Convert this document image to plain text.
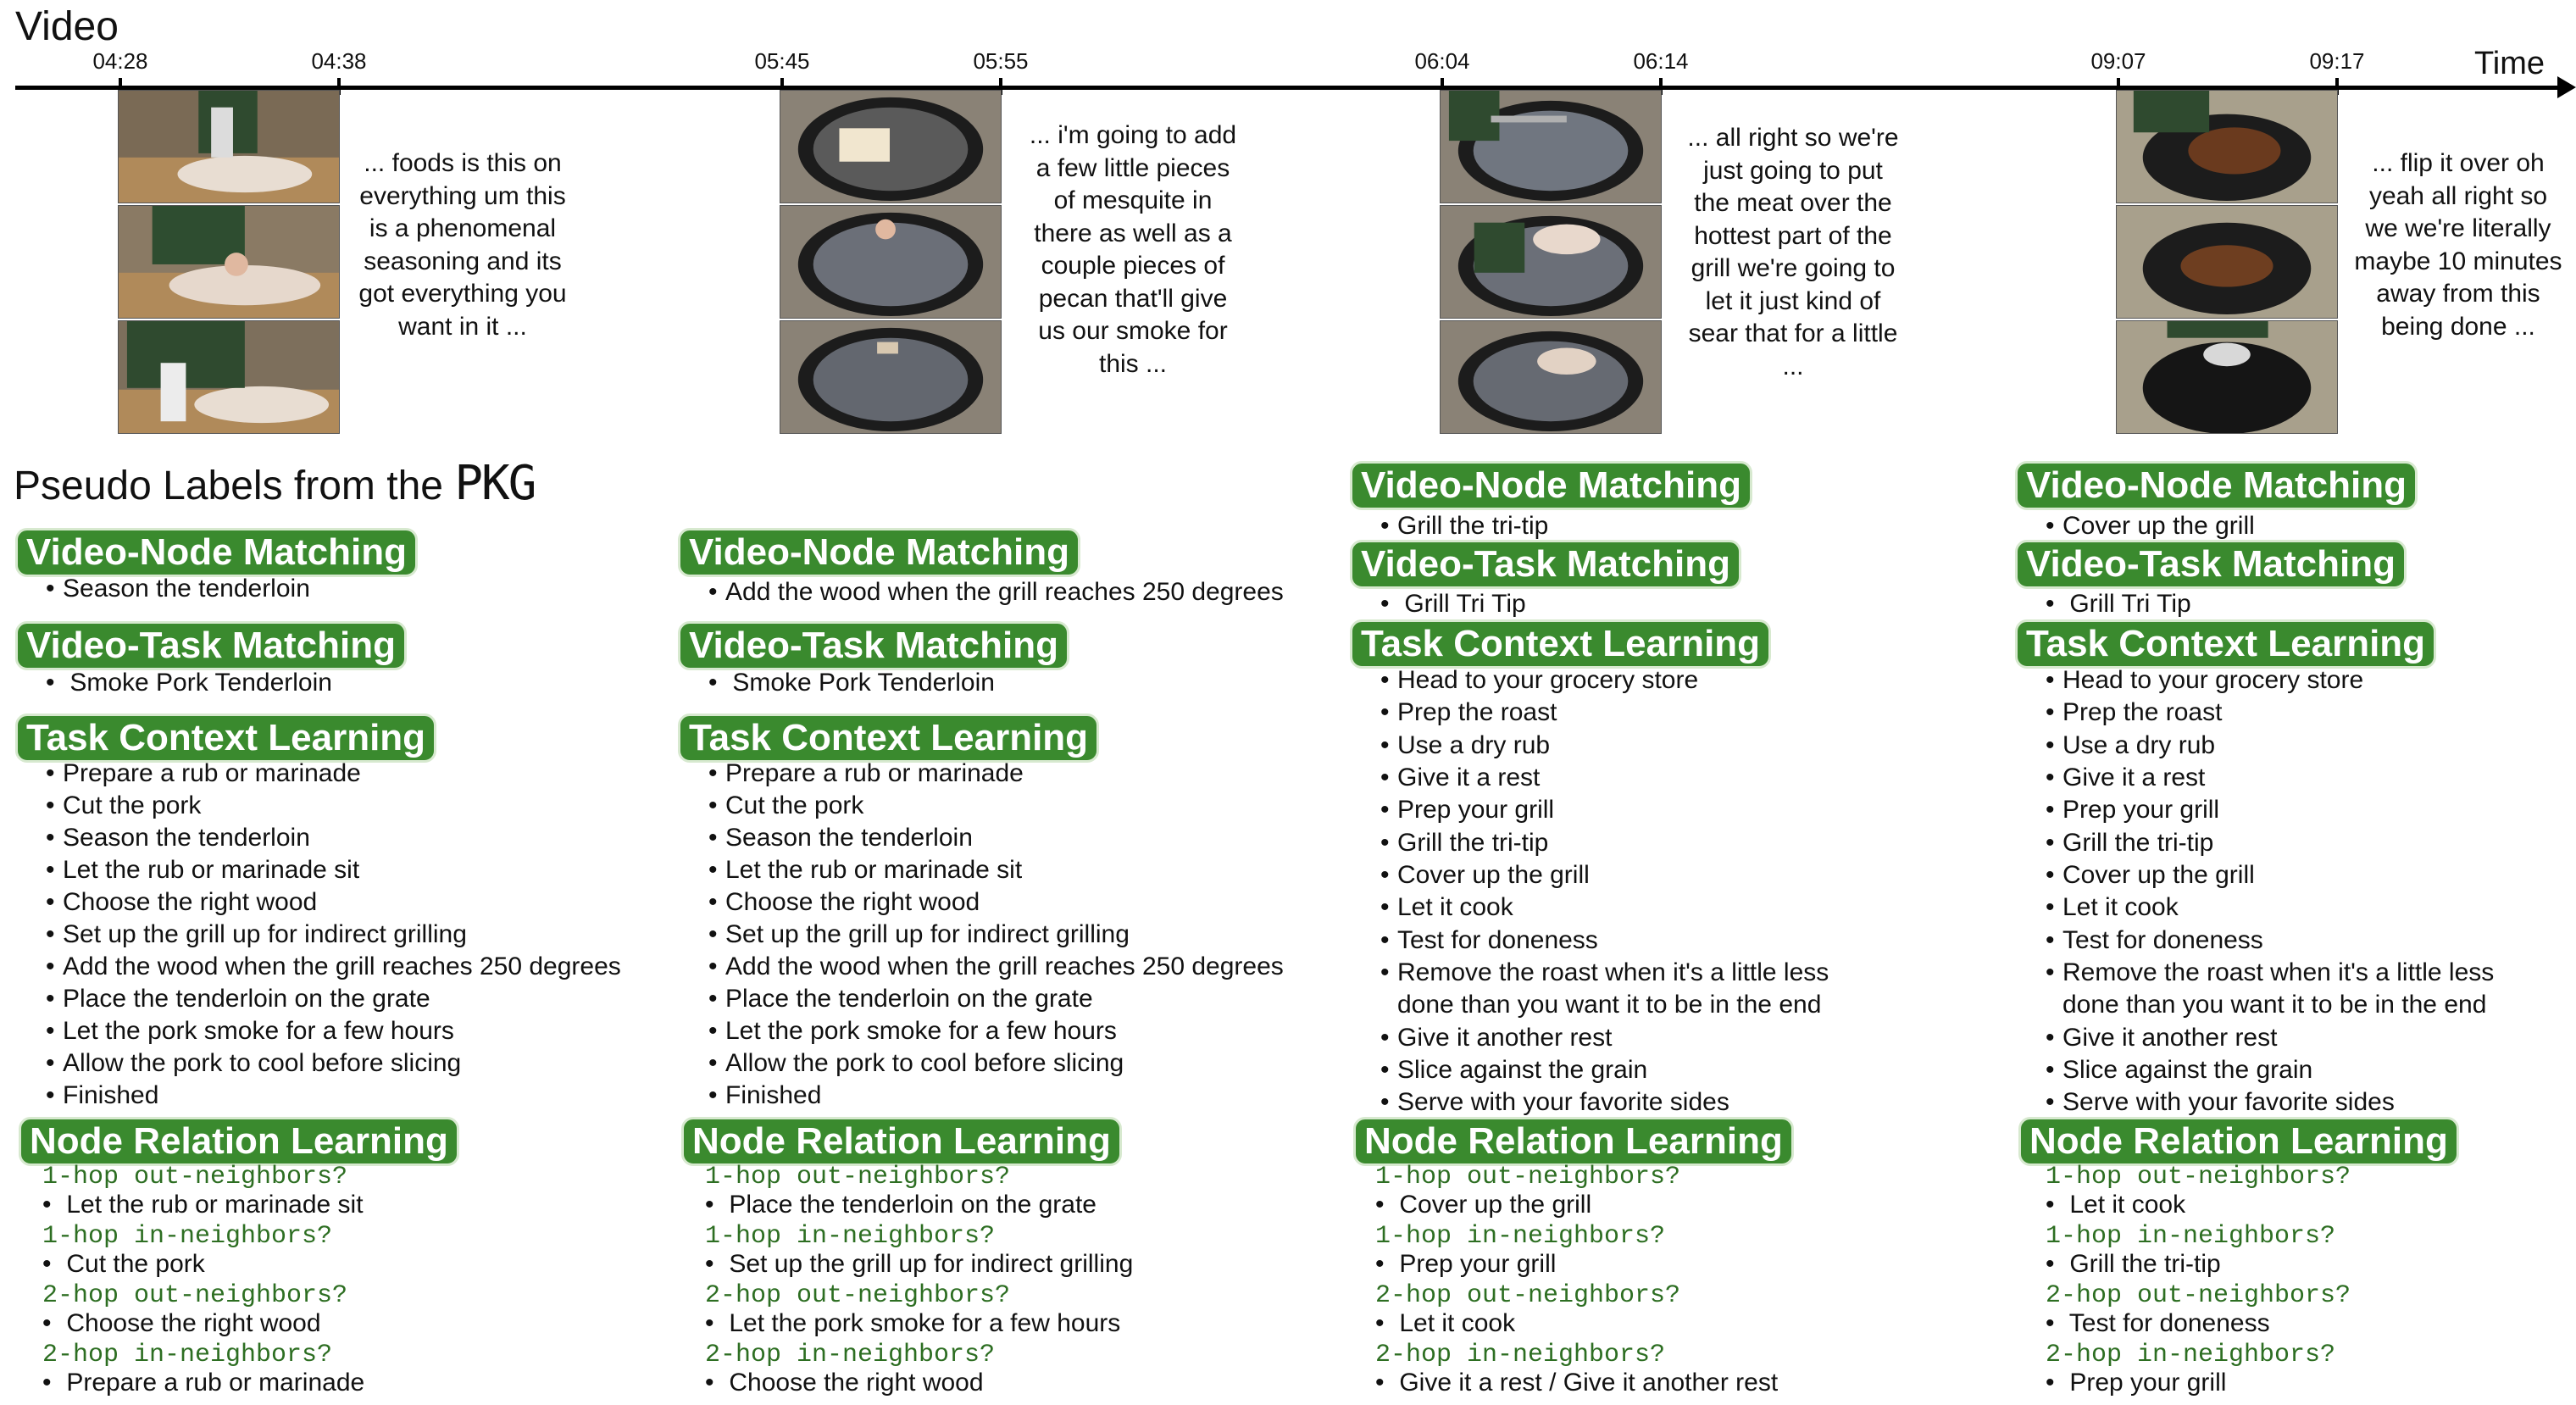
Video
Time
04:28	04:38
... foods is this on everything um this is a phenomenal seasoning and its got everything you want in it ...
05:45	05:55
... i'm going to add a few little pieces of mesquite in there as well as a couple pieces of pecan that'll give us our smoke for this ...
06:04	06:14
... all right so we're just going to put the meat over the hottest part of the grill we're going to let it just kind of sear that for a little ...
09:07	09:17
... flip it over oh yeah all right so we we're literally maybe 10 minutes away from this being done ...
Pseudo Labels from the PKG
Video-Node Matching
• Season the tenderloin
Video-Task Matching
• Smoke Pork Tenderloin
Task Context Learning
• Prepare a rub or marinade
• Cut the pork
• Season the tenderloin
• Let the rub or marinade sit
• Choose the right wood
• Set up the grill up for indirect grilling
• Add the wood when the grill reaches 250 degrees
• Place the tenderloin on the grate
• Let the pork smoke for a few hours
• Allow the pork to cool before slicing
• Finished
Node Relation Learning
1-hop out-neighbors?
• Let the rub or marinade sit
1-hop in-neighbors?
• Cut the pork
2-hop out-neighbors?
• Choose the right wood
2-hop in-neighbors?
• Prepare a rub or marinade
Video-Node Matching
• Add the wood when the grill reaches 250 degrees
Video-Task Matching
• Smoke Pork Tenderloin
Task Context Learning
• Prepare a rub or marinade
• Cut the pork
• Season the tenderloin
• Let the rub or marinade sit
• Choose the right wood
• Set up the grill up for indirect grilling
• Add the wood when the grill reaches 250 degrees
• Place the tenderloin on the grate
• Let the pork smoke for a few hours
• Allow the pork to cool before slicing
• Finished
Node Relation Learning
1-hop out-neighbors?
• Place the tenderloin on the grate
1-hop in-neighbors?
• Set up the grill up for indirect grilling
2-hop out-neighbors?
• Let the pork smoke for a few hours
2-hop in-neighbors?
• Choose the right wood
Video-Node Matching
• Grill the tri-tip
Video-Task Matching
• Grill Tri Tip
Task Context Learning
• Head to your grocery store
• Prep the roast
• Use a dry rub
• Give it a rest
• Prep your grill
• Grill the tri-tip
• Cover up the grill
• Let it cook
• Test for doneness
• Remove the roast when it's a little less
done than you want it to be in the end
• Give it another rest
• Slice against the grain
• Serve with your favorite sides
Node Relation Learning
1-hop out-neighbors?
• Cover up the grill
1-hop in-neighbors?
• Prep your grill
2-hop out-neighbors?
• Let it cook
2-hop in-neighbors?
• Give it a rest / Give it another rest
Video-Node Matching
• Cover up the grill
Video-Task Matching
• Grill Tri Tip
Task Context Learning
• Head to your grocery store
• Prep the roast
• Use a dry rub
• Give it a rest
• Prep your grill
• Grill the tri-tip
• Cover up the grill
• Let it cook
• Test for doneness
• Remove the roast when it's a little less
done than you want it to be in the end
• Give it another rest
• Slice against the grain
• Serve with your favorite sides
Node Relation Learning
1-hop out-neighbors?
• Let it cook
1-hop in-neighbors?
• Grill the tri-tip
2-hop out-neighbors?
• Test for doneness
2-hop in-neighbors?
• Prep your grill
